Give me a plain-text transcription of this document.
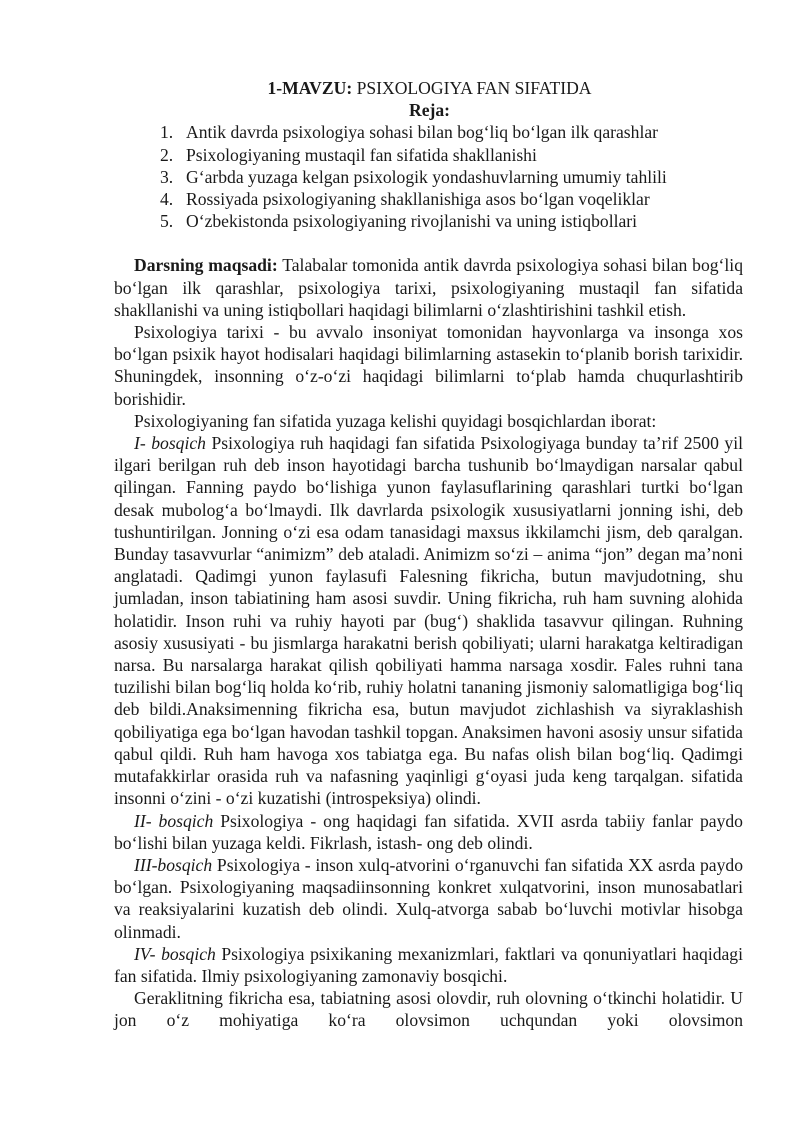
1-MAVZU: PSIXOLOGIYA FAN SIFATIDA

Reja:

1. Antik davrda psixologiya sohasi bilan bog‘liq bo‘lgan ilk qarashlar
2. Psixologiyaning mustaqil fan sifatida shakllanishi
3. G‘arbda yuzaga kelgan psixologik yondashuvlarning umumiy tahlili
4. Rossiyada psixologiyaning shakllanishiga asos bo‘lgan voqeliklar
5. O‘zbekistonda psixologiyaning rivojlanishi va uning istiqbollari

Darsning maqsadi: Talabalar tomonida antik davrda psixologiya sohasi bilan bog‘liq bo‘lgan ilk qarashlar, psixologiya tarixi, psixologiyaning mustaqil fan sifatida shakllanishi va uning istiqbollari haqidagi bilimlarni o‘zlashtirishini tashkil etish.

Psixologiya tarixi - bu avvalo insoniyat tomonidan hayvonlarga va insonga xos bo‘lgan psixik hayot hodisalari haqidagi bilimlarning astasekin to‘planib borish tarixidir. Shuningdek, insonning o‘z-o‘zi haqidagi bilimlarni to‘plab hamda chuqurlashtirib borishidir.

Psixologiyaning fan sifatida yuzaga kelishi quyidagi bosqichlardan iborat:

I- bosqich Psixologiya ruh haqidagi fan sifatida Psixologiyaga bunday ta’rif 2500 yil ilgari berilgan ruh deb inson hayotidagi barcha tushunib bo‘lmaydigan narsalar qabul qilingan. Fanning paydo bo‘lishiga yunon faylasuflarining qarashlari turtki bo‘lgan desak mubolog‘a bo‘lmaydi. Ilk davrlarda psixologik xususiyatlarni jonning ishi, deb tushuntirilgan. Jonning o‘zi esa odam tanasidagi maxsus ikkilamchi jism, deb qaralgan. Bunday tasavvurlar “animizm” deb ataladi. Animizm so‘zi – anima “jon” degan ma’noni anglatadi. Qadimgi yunon faylasufi Falesning fikricha, butun mavjudotning, shu jumladan, inson tabiatining ham asosi suvdir. Uning fikricha, ruh ham suvning alohida holatidir. Inson ruhi va ruhiy hayoti par (bug‘) shaklida tasavvur qilingan. Ruhning asosiy xususiyati - bu jismlarga harakatni berish qobiliyati; ularni harakatga keltiradigan narsa. Bu narsalarga harakat qilish qobiliyati hamma narsaga xosdir. Fales ruhni tana tuzilishi bilan bog‘liq holda ko‘rib, ruhiy holatni tananing jismoniy salomatligiga bog‘liq deb bildi.Anaksimenning fikricha esa, butun mavjudot zichlashish va siyraklashish qobiliyatiga ega bo‘lgan havodan tashkil topgan. Anaksimen havoni asosiy unsur sifatida qabul qildi. Ruh ham havoga xos tabiatga ega. Bu nafas olish bilan bog‘liq. Qadimgi mutafakkirlar orasida ruh va nafasning yaqinligi g‘oyasi juda keng tarqalgan. sifatida insonni o‘zini - o‘zi kuzatishi (introspeksiya) olindi.

II- bosqich Psixologiya - ong haqidagi fan sifatida. XVII asrda tabiiy fanlar paydo bo‘lishi bilan yuzaga keldi. Fikrlash, istash- ong deb olindi.

III-bosqich Psixologiya - inson xulq-atvorini o‘rganuvchi fan sifatida XX asrda paydo bo‘lgan. Psixologiyaning maqsadiinsonning konkret xulqatvorini, inson munosabatlari va reaksiyalarini kuzatish deb olindi. Xulq-atvorga sabab bo‘luvchi motivlar hisobga olinmadi.

IV- bosqich Psixologiya psixikaning mexanizmlari, faktlari va qonuniyatlari haqidagi fan sifatida. Ilmiy psixologiyaning zamonaviy bosqichi.

Geraklitning fikricha esa, tabiatning asosi olovdir, ruh olovning o‘tkinchi holatidir. U jon o‘z mohiyatiga ko‘ra olovsimon uchqundan yoki olovsimon
